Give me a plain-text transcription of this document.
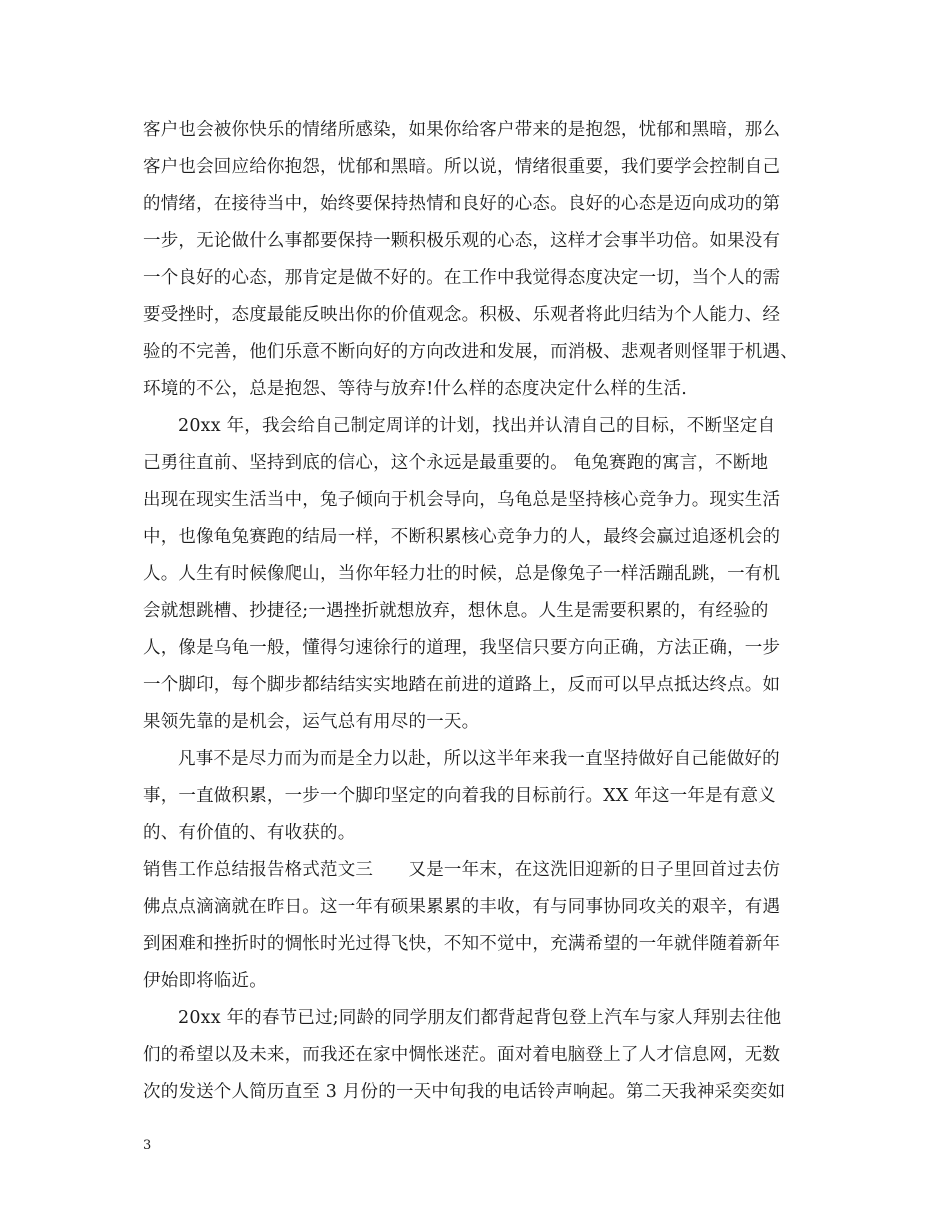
客户也会被你快乐的情绪所感染，如果你给客户带来的是抱怨，忧郁和黑暗，那么
客户也会回应给你抱怨，忧郁和黑暗。所以说，情绪很重要，我们要学会控制自己
的情绪，在接待当中，始终要保持热情和良好的心态。良好的心态是迈向成功的第
一步，无论做什么事都要保持一颗积极乐观的心态，这样才会事半功倍。如果没有
一个良好的心态，那肯定是做不好的。在工作中我觉得态度决定一切，当个人的需
要受挫时，态度最能反映出你的价值观念。积极、乐观者将此归结为个人能力、经
验的不完善，他们乐意不断向好的方向改进和发展，而消极、悲观者则怪罪于机遇、
环境的不公，总是抱怨、等待与放弃!什么样的态度决定什么样的生活.
20xx 年，我会给自己制定周详的计划，找出并认清自己的目标，不断坚定自
己勇往直前、坚持到底的信心，这个永远是最重要的。 龟兔赛跑的寓言，不断地
出现在现实生活当中，兔子倾向于机会导向，乌龟总是坚持核心竞争力。现实生活
中，也像龟兔赛跑的结局一样，不断积累核心竞争力的人，最终会赢过追逐机会的
人。人生有时候像爬山，当你年轻力壮的时候，总是像兔子一样活蹦乱跳，一有机
会就想跳槽、抄捷径;一遇挫折就想放弃，想休息。人生是需要积累的，有经验的
人，像是乌龟一般，懂得匀速徐行的道理，我坚信只要方向正确，方法正确，一步
一个脚印，每个脚步都结结实实地踏在前进的道路上，反而可以早点抵达终点。如
果领先靠的是机会，运气总有用尽的一天。
凡事不是尽力而为而是全力以赴，所以这半年来我一直坚持做好自己能做好的
事，一直做积累，一步一个脚印坚定的向着我的目标前行。XX 年这一年是有意义
的、有价值的、有收获的。
销售工作总结报告格式范文三　　又是一年末，在这洗旧迎新的日子里回首过去仿
佛点点滴滴就在昨日。这一年有硕果累累的丰收，有与同事协同攻关的艰辛，有遇
到困难和挫折时的惆怅时光过得飞快，不知不觉中，充满希望的一年就伴随着新年
伊始即将临近。
20xx 年的春节已过;同龄的同学朋友们都背起背包登上汽车与家人拜别去往他
们的希望以及未来，而我还在家中惆怅迷茫。面对着电脑登上了人才信息网，无数
次的发送个人简历直至 3 月份的一天中旬我的电话铃声响起。第二天我神采奕奕如
3
